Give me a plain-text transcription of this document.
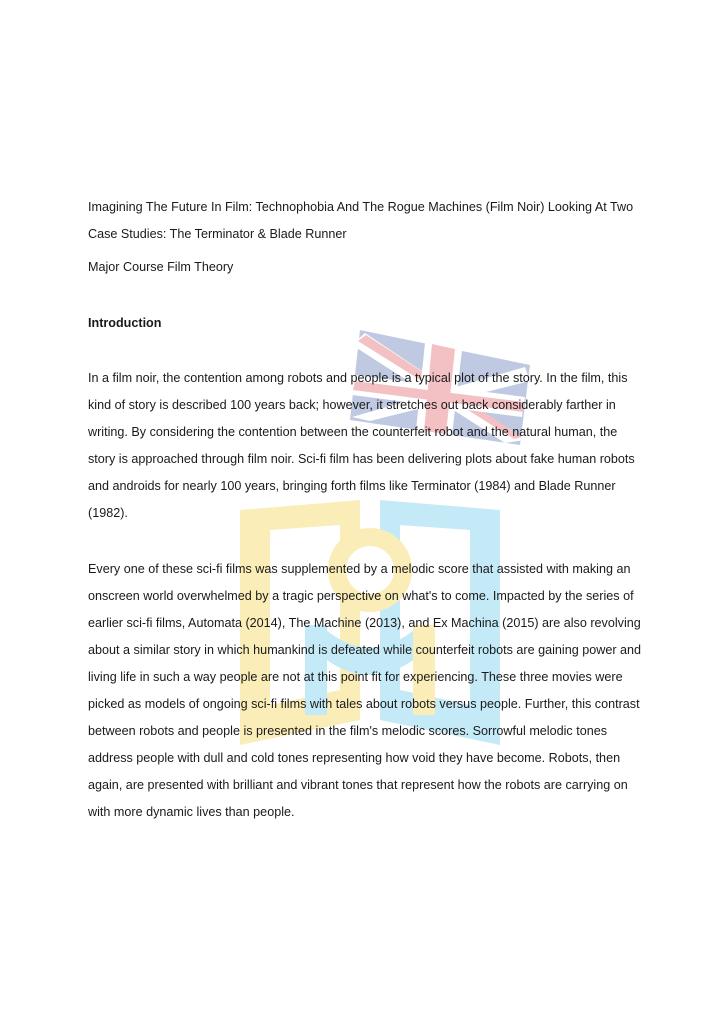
Imagining The Future In Film: Technophobia And The Rogue Machines (Film Noir) Looking At Two Case Studies: The Terminator & Blade Runner

Major Course Film Theory

Introduction

In a film noir, the contention among robots and people is a typical plot of the story. In the film, this kind of story is described 100 years back; however, it stretches out back considerably farther in writing. By considering the contention between the counterfeit robot and the natural human, the story is approached through film noir. Sci-fi film has been delivering plots about fake human robots and androids for nearly 100 years, bringing forth films like Terminator (1984) and Blade Runner (1982).

Every one of these sci-fi films was supplemented by a melodic score that assisted with making an onscreen world overwhelmed by a tragic perspective on what's to come. Impacted by the series of earlier sci-fi films, Automata (2014), The Machine (2013), and Ex Machina (2015) are also revolving about a similar story in which humankind is defeated while counterfeit robots are gaining power and living life in such a way people are not at this point fit for experiencing. These three movies were picked as models of ongoing sci-fi films with tales about robots versus people. Further, this contrast between robots and people is presented in the film's melodic scores. Sorrowful melodic tones address people with dull and cold tones representing how void they have become. Robots, then again, are presented with brilliant and vibrant tones that represent how the robots are carrying on with more dynamic lives than people.
